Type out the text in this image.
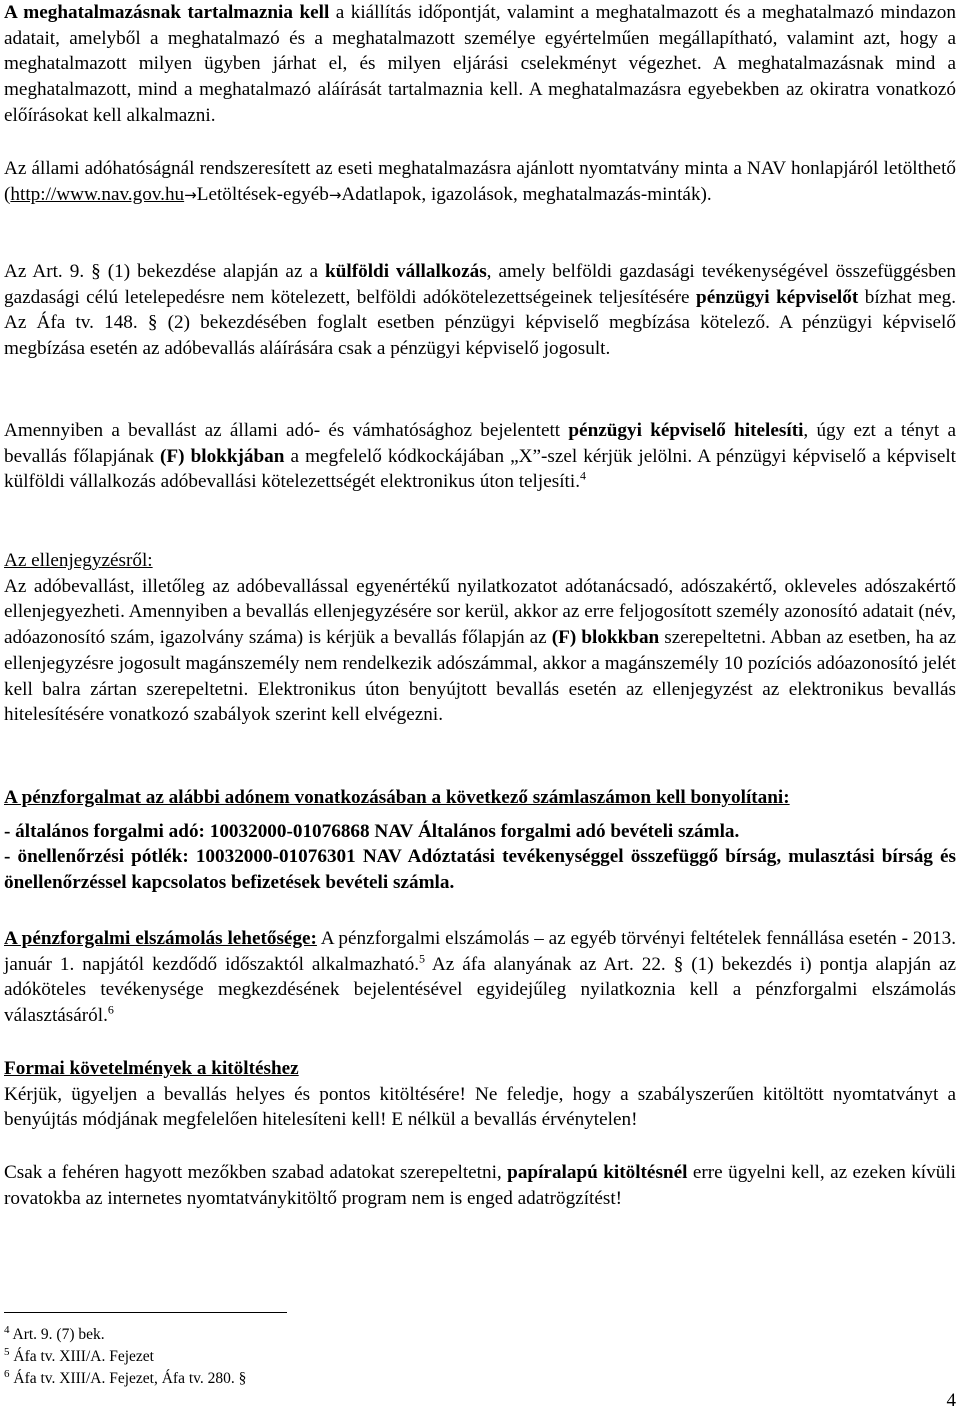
A meghatalmazásnak tartalmaznia kell a kiállítás időpontját, valamint a meghatalmazott és a meghatalmazó mindazon adatait, amelyből a meghatalmazó és a meghatalmazott személye egyértelműen megállapítható, valamint azt, hogy a meghatalmazott milyen ügyben járhat el, és milyen eljárási cselekményt végezhet. A meghatalmazásnak mind a meghatalmazott, mind a meghatalmazó aláírását tartalmaznia kell. A meghatalmazásra egyebekben az okiratra vonatkozó előírásokat kell alkalmazni.

Az állami adóhatóságnál rendszeresített az eseti meghatalmazásra ajánlott nyomtatvány minta a NAV honlapjáról letölthető (http://www.nav.gov.hu→Letöltések-egyéb→Adatlapok, igazolások, meghatalmazás-minták).

Az Art. 9. § (1) bekezdése alapján az a külföldi vállalkozás, amely belföldi gazdasági tevékenységével összefüggésben gazdasági célú letelepedésre nem kötelezett, belföldi adókötelezettségeinek teljesítésére pénzügyi képviselőt bízhat meg. Az Áfa tv. 148. § (2) bekezdésében foglalt esetben pénzügyi képviselő megbízása kötelező. A pénzügyi képviselő megbízása esetén az adóbevallás aláírására csak a pénzügyi képviselő jogosult.

Amennyiben a bevallást az állami adó- és vámhatósághoz bejelentett pénzügyi képviselő hitelesíti, úgy ezt a tényt a bevallás főlapjának (F) blokkjában a megfelelő kódkockájában „X”-szel kérjük jelölni. A pénzügyi képviselő a képviselt külföldi vállalkozás adóbevallási kötelezettségét elektronikus úton teljesíti.$^4$

Az ellenjegyzésről:

Az adóbevallást, illetőleg az adóbevallással egyenértékű nyilatkozatot adótanácsadó, adószakértő, okleveles adószakértő ellenjegyezheti. Amennyiben a bevallás ellenjegyzésére sor kerül, akkor az erre feljogosított személy azonosító adatait (név, adóazonosító szám, igazolvány száma) is kérjük a bevallás főlapján az (F) blokkban szerepeltetni. Abban az esetben, ha az ellenjegyzésre jogosult magánszemély nem rendelkezik adószámmal, akkor a magánszemély 10 pozíciós adóazonosító jelét kell balra zártan szerepeltetni. Elektronikus úton benyújtott bevallás esetén az ellenjegyzést az elektronikus bevallás hitelesítésére vonatkozó szabályok szerint kell elvégezni.

A pénzforgalmat az alábbi adónem vonatkozásában a következő számlaszámon kell bonyolítani:

- általános forgalmi adó: 10032000-01076868 NAV Általános forgalmi adó bevételi számla.

- önellenőrzési pótlék: 10032000-01076301 NAV Adóztatási tevékenységgel összefüggő bírság, mulasztási bírság és önellenőrzéssel kapcsolatos befizetések bevételi számla.

A pénzforgalmi elszámolás lehetősége: A pénzforgalmi elszámolás – az egyéb törvényi feltételek fennállása esetén - 2013. január 1. napjától kezdődő időszaktól alkalmazható.$^5$ Az áfa alanyának az Art. 22. § (1) bekezdés i) pontja alapján az adóköteles tevékenysége megkezdésének bejelentésével egyidejűleg nyilatkoznia kell a pénzforgalmi elszámolás választásáról.$^6$

Formai követelmények a kitöltéshez

Kérjük, ügyeljen a bevallás helyes és pontos kitöltésére! Ne feledje, hogy a szabályszerűen kitöltött nyomtatványt a benyújtás módjának megfelelően hitelesíteni kell! E nélkül a bevallás érvénytelen!

Csak a fehéren hagyott mezőkben szabad adatokat szerepeltetni, papíralapú kitöltésnél erre ügyelni kell, az ezeken kívüli rovatokba az internetes nyomtatványkitöltő program nem is enged adatrögzítést!

$^4$ Art. 9. (7) bek.
$^5$ Áfa tv. XIII/A. Fejezet
$^6$ Áfa tv. XIII/A. Fejezet, Áfa tv. 280. §
4
